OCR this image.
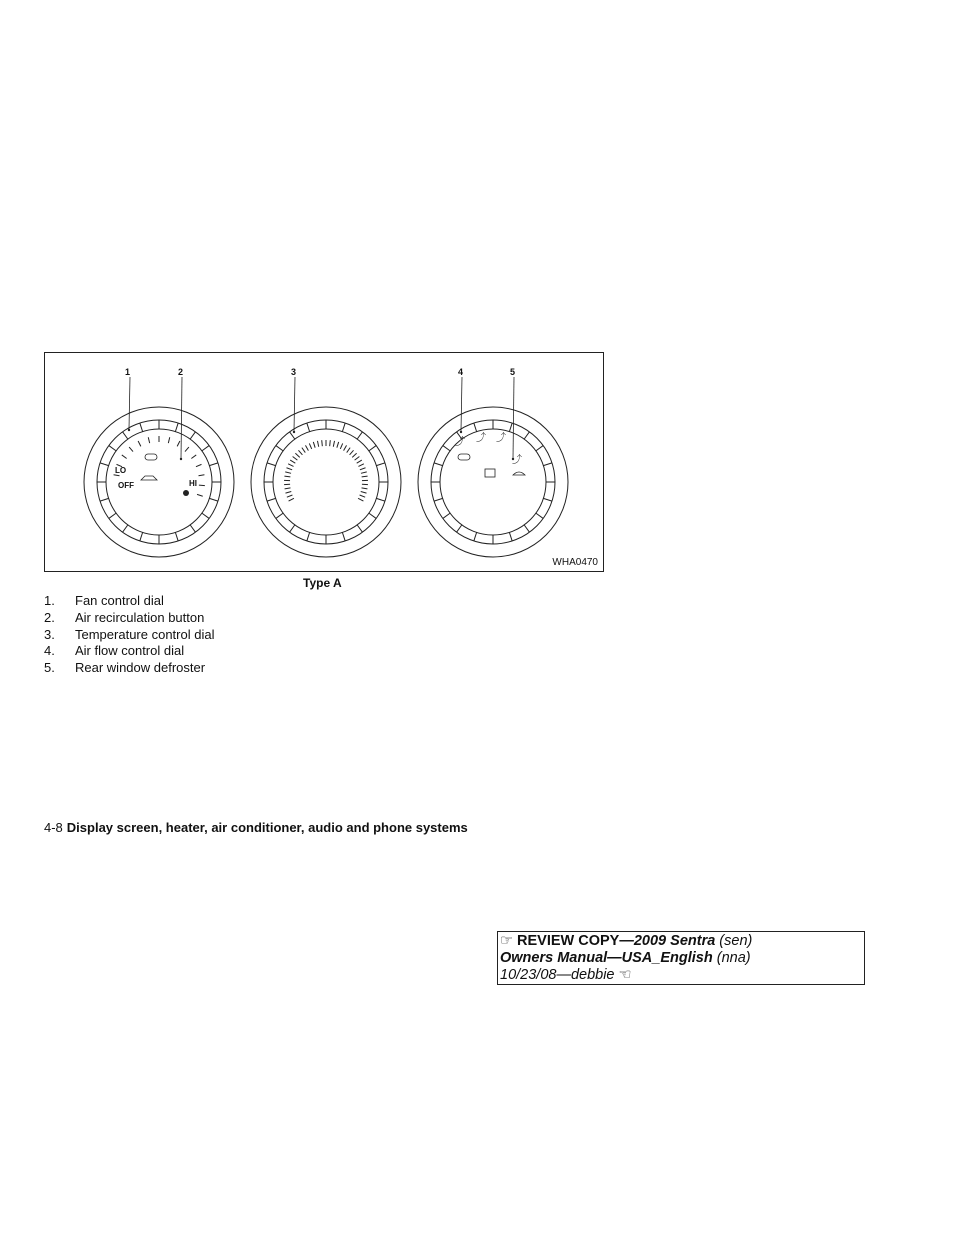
1	2	3	4	5
LO
OFF	HI
⤴ ⤴ ⤴
⤴
WHA0470
Type A
1.	Fan control dial
2.	Air recirculation button
3.	Temperature control dial
4.	Air flow control dial
5.	Rear window defroster
4-8 Display screen, heater, air conditioner, audio and phone systems
☞ REVIEW COPY—2009 Sentra (sen)
Owners Manual—USA_English (nna)
10/23/08—debbie ☜
